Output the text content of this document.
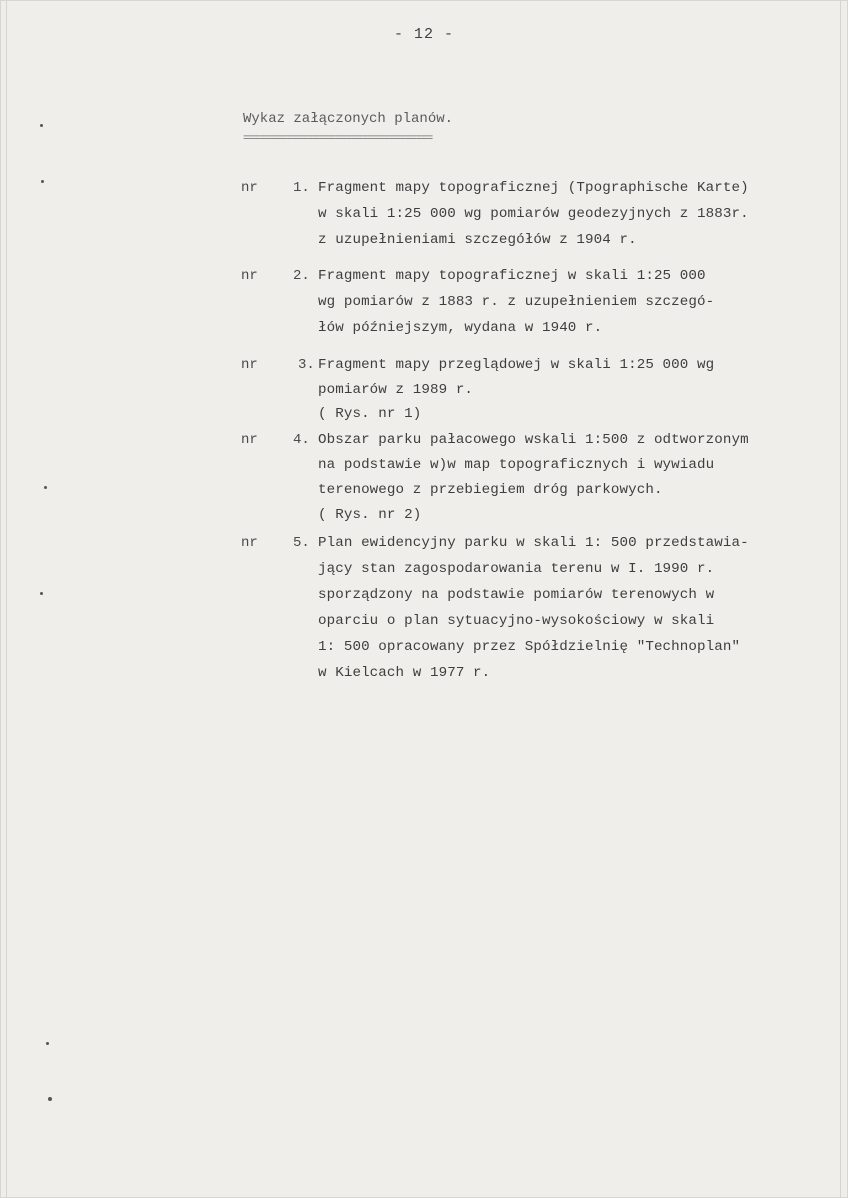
- 12 -
Wykaz załączonych planów.
===================================
nr	1. Fragment mapy topograficznej (Tpographische Karte)
w skali 1:25 000 wg pomiarów geodezyjnych z 1883r.
z uzupełnieniami szczegółów z 1904 r.
nr	2. Fragment mapy topograficznej w skali 1:25 000
wg pomiarów z 1883 r. z uzupełnieniem szczegó-
łów późniejszym, wydana w 1940 r.
nr	3. Fragment mapy przeglądowej w skali 1:25 000 wg
pomiarów z 1989 r.
( Rys. nr 1)
nr	4. Obszar parku pałacowego wskali 1:500 z odtworzonym
na podstawie w)w map topograficznych i wywiadu
terenowego z przebiegiem dróg parkowych.
( Rys. nr 2)
nr	5. Plan ewidencyjny parku w skali 1: 500 przedstawia-
jący stan zagospodarowania terenu w I. 1990 r.
sporządzony na podstawie pomiarów terenowych w
oparciu o plan sytuacyjno-wysokościowy w skali
1: 500 opracowany przez Spółdzielnię "Technoplan"
w Kielcach w 1977 r.
